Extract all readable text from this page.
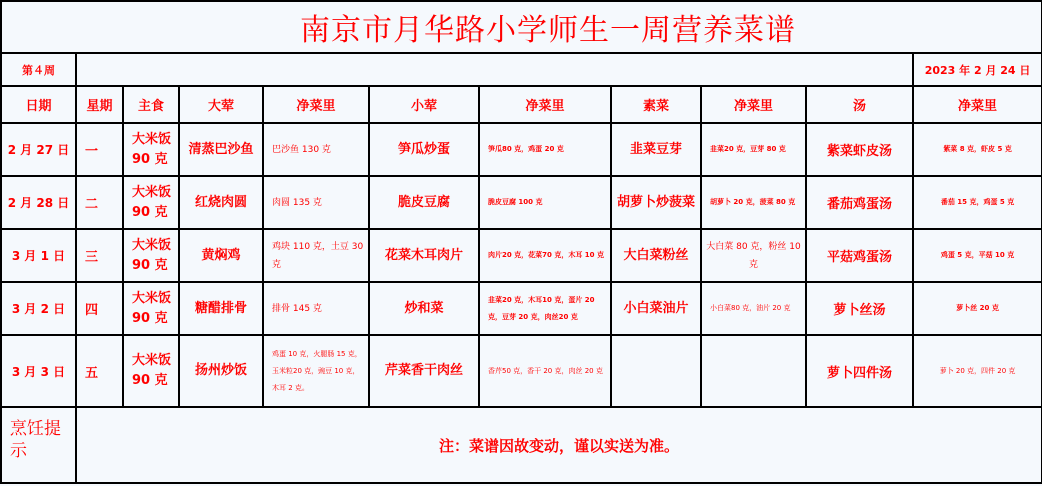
南京市月华路小学师生一周营养菜谱										
第４周										2023 年 2 月 24 日
日期	星期	主食	大荤	净菜里	小荤	净菜里	素菜	净菜里	汤	净菜里
2 月 27 日	一	大米饭 90 克	清蒸巴沙鱼	巴沙鱼 130 克	笋瓜炒蛋	笋瓜80 克，鸡蛋 20 克	韭菜豆芽	韭菜20 克，豆芽 80 克	紫菜虾皮汤	紫菜 8 克，虾皮 5 克
2 月 28 日	二	大米饭 90 克	红烧肉圆	肉圆 135 克	脆皮豆腐	脆皮豆腐 100 克	胡萝卜炒菠菜	胡萝卜 20 克，菠菜 80 克	番茄鸡蛋汤	番茄 15 克，鸡蛋 5 克
3 月 1 日	三	大米饭 90 克	黄焖鸡	鸡块 110 克，土豆 30 克	花菜木耳肉片	肉片20 克，花菜70 克，木耳 10 克	大白菜粉丝	大白菜 80 克，粉丝 10 克	平菇鸡蛋汤	鸡蛋 5 克，平菇 10 克
3 月 2 日	四	大米饭 90 克	糖醋排骨	排骨 145 克	炒和菜	韭菜20 克，木耳10 克，蛋片 20 克，豆芽 20 克，肉丝20 克	小白菜油片	小白菜80 克，油片 20 克	萝卜丝汤	萝卜丝 20 克
3 月 3 日	五	大米饭 90 克	扬州炒饭	鸡蛋 10 克，火腿肠 15 克，玉米粒20 克，豌豆 10 克，木耳 2 克。	芹菜香干肉丝	香芹50 克，香干 20 克，肉丝 20 克			萝卜四件汤	萝卜 20 克，四件 20 克
烹饪提示	注：菜谱因故变动，谨以实送为准。									
